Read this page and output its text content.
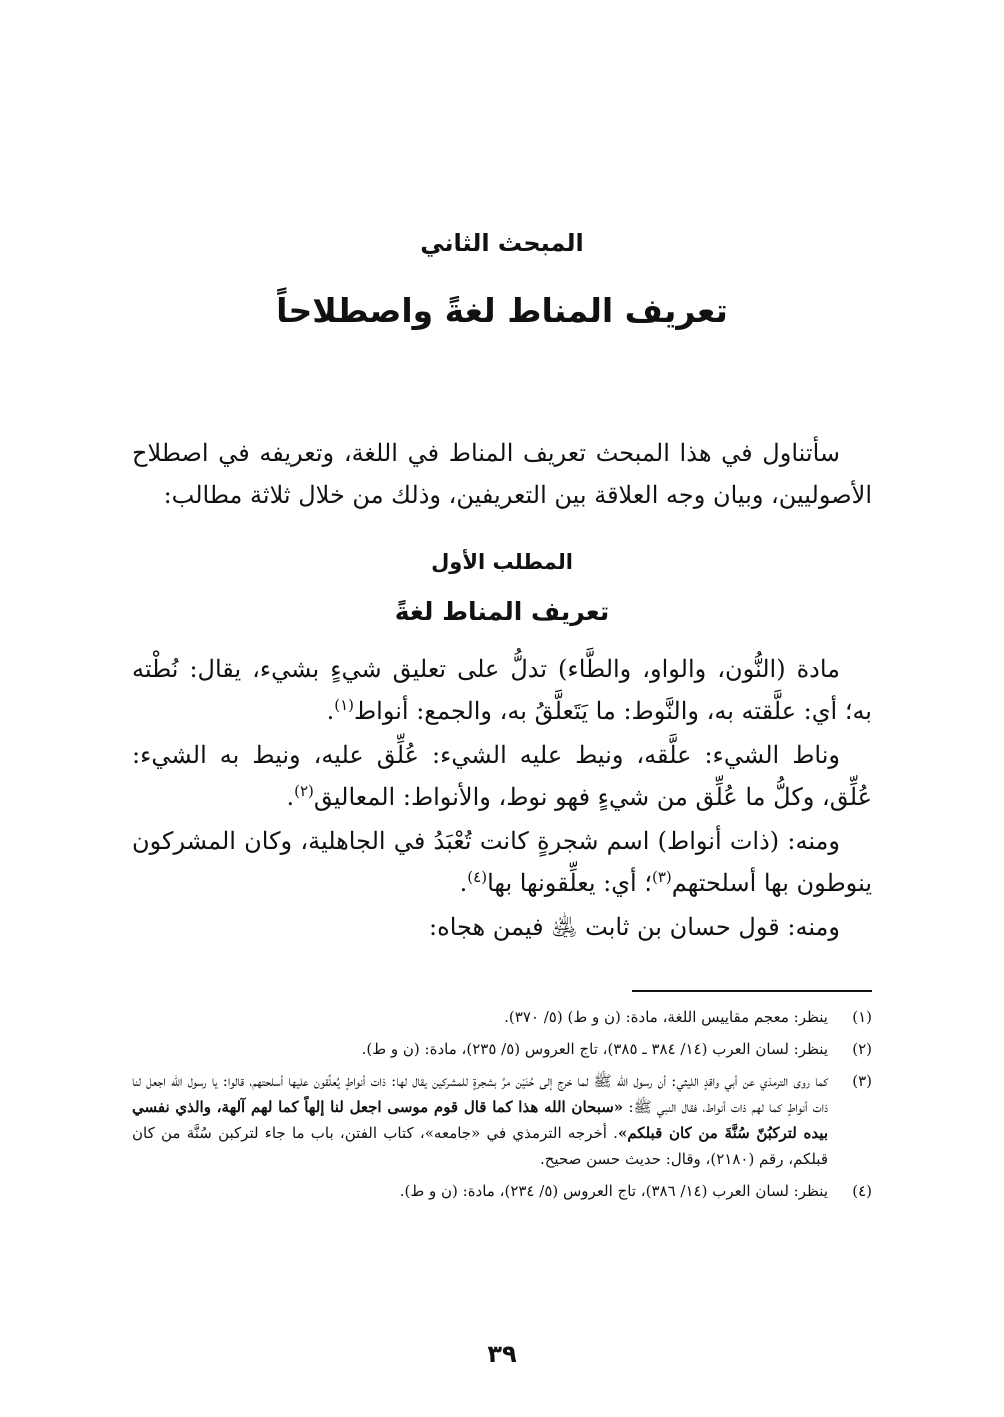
المبحث الثاني
تعريف المناط لغةً واصطلاحاً

سأتناول في هذا المبحث تعريف المناط في اللغة، وتعريفه في اصطلاح الأصوليين، وبيان وجه العلاقة بين التعريفين، وذلك من خلال ثلاثة مطالب:

المطلب الأول
تعريف المناط لغةً

مادة (النُّون، والواو، والطَّاء) تدلُّ على تعليق شيءٍ بشيء، يقال: نُطْته به؛ أي: علَّقته به، والنَّوط: ما يَتَعلَّقُ به، والجمع: أنواط$^{(١)}$.

وناط الشيء: علَّقه، ونيط عليه الشيء: عُلِّق عليه، ونيط به الشيء: عُلِّق، وكلُّ ما عُلِّق من شيءٍ فهو نوط، والأنواط: المعاليق$^{(٢)}$.

ومنه: (ذات أنواط) اسم شجرةٍ كانت تُعْبَدُ في الجاهلية، وكان المشركون ينوطون بها أسلحتهم$^{(٣)}$؛ أي: يعلِّقونها بها$^{(٤)}$.

ومنه: قول حسان بن ثابت ﵁ فيمن هجاه:

(١)
ينظر: معجم مقاييس اللغة، مادة: (ن و ط) (٥/ ٣٧٠).
(٢)
ينظر: لسان العرب (١٤/ ٣٨٤ ـ ٣٨٥)، تاج العروس (٥/ ٢٣٥)، مادة: (ن و ط).
(٣)
كما روى الترمذي عن أبي واقدٍ الليثي: أن رسول الله ﷺ لما خرج إلى حُنَيْن مرَّ بشجرةٍ للمشركين يقال لها: ذات أنواطٍ يُعلِّقون عليها أسلحتهم، قالوا: يا رسول الله اجعل لنا ذات أنواطٍ كما لهم ذات أنواط، فقال النبي ﷺ: «سبحان الله هذا كما قال قوم موسى اجعل لنا إلهاً كما لهم آلهة، والذي نفسي بيده لتركبُنّ سُنَّةَ من كان قبلكم». أخرجه الترمذي في «جامعه»، كتاب الفتن، باب ما جاء لتركبن سُنَّة من كان قبلكم، رقم (٢١٨٠)، وقال: حديث حسن صحيح.
(٤)
ينظر: لسان العرب (١٤/ ٣٨٦)، تاج العروس (٥/ ٢٣٤)، مادة: (ن و ط).
٣٩
